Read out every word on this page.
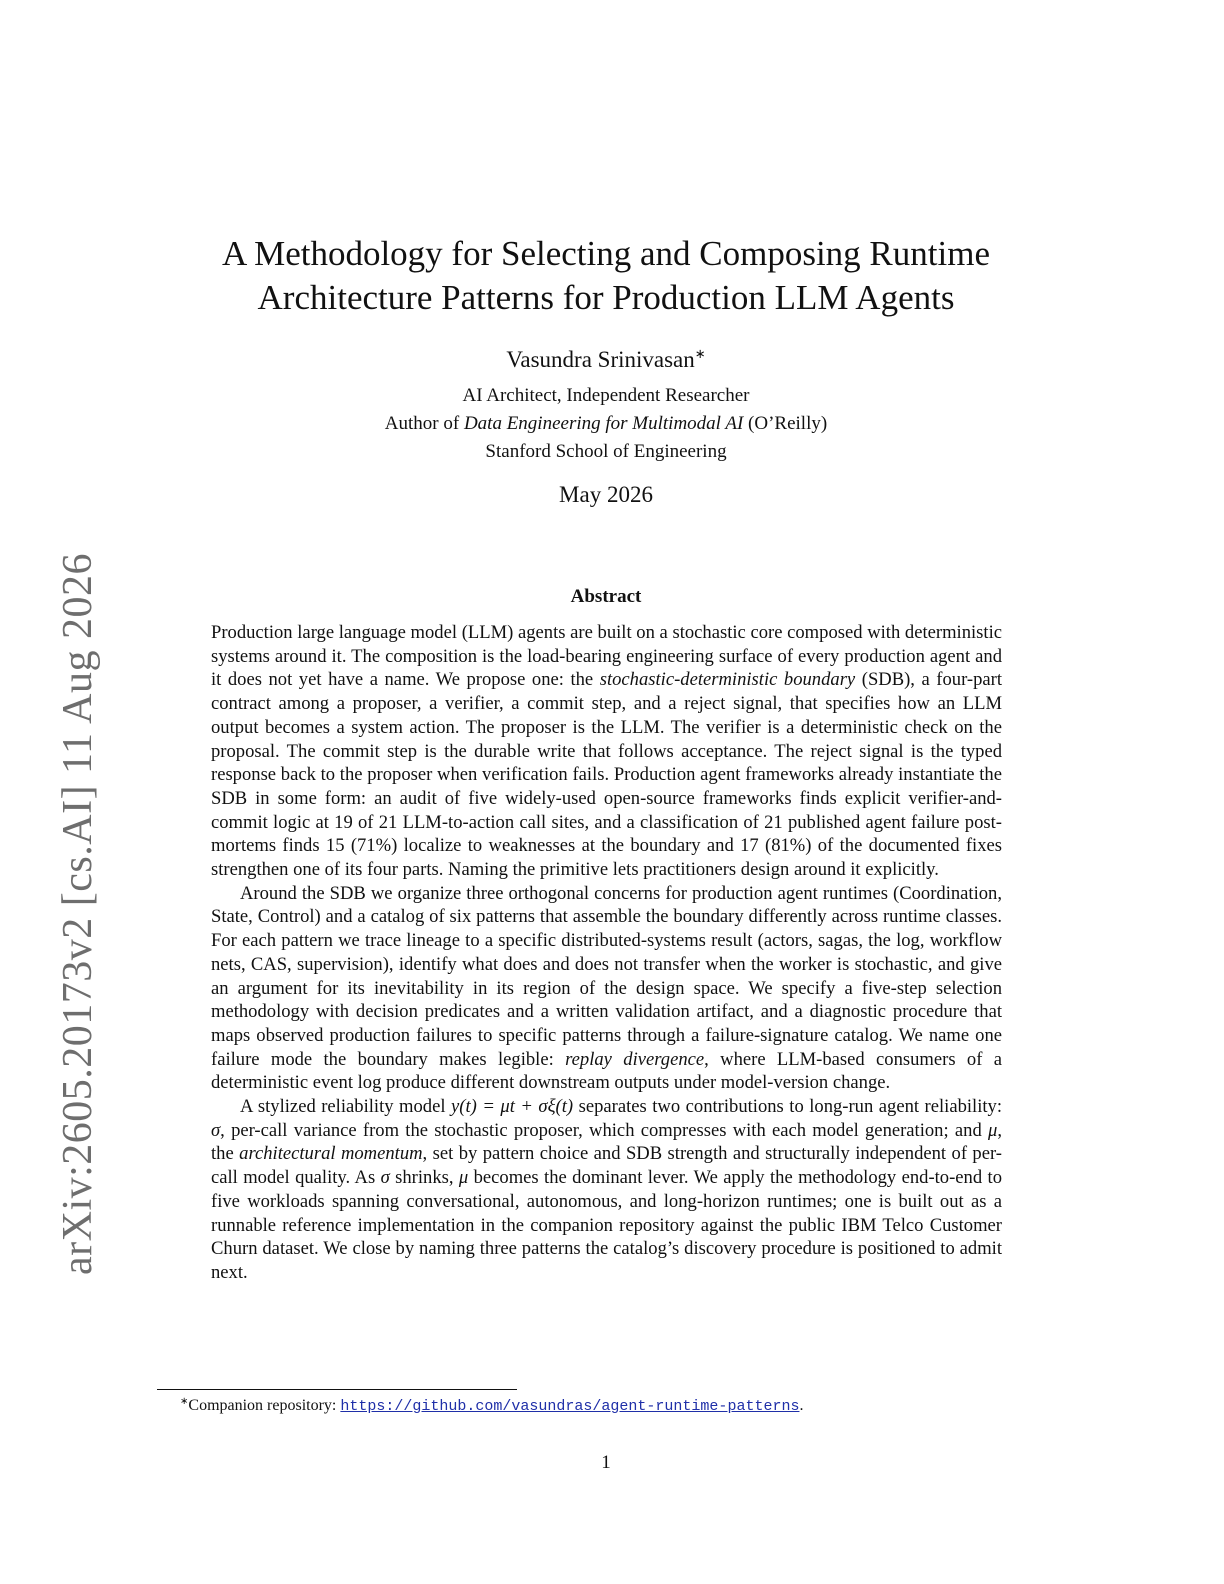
arXiv:2605.20173v2 [cs.AI] 11 Aug 2026
A Methodology for Selecting and Composing Runtime
Architecture Patterns for Production LLM Agents
Vasundra Srinivasan∗
AI Architect, Independent Researcher
Author of Data Engineering for Multimodal AI (O’Reilly)
Stanford School of Engineering
May 2026
Abstract

Production large language model (LLM) agents are built on a stochastic core composed with deterministic systems around it. The composition is the load-bearing engineering surface of every production agent and it does not yet have a name. We propose one: the stochastic-deterministic boundary (SDB), a four-part contract among a proposer, a verifier, a commit step, and a reject signal, that specifies how an LLM output becomes a system action. The proposer is the LLM. The verifier is a deterministic check on the proposal. The commit step is the durable write that follows acceptance. The reject signal is the typed response back to the proposer when verification fails. Production agent frameworks already instantiate the SDB in some form: an audit of five widely-used open-source frameworks finds explicit verifier-and-commit logic at 19 of 21 LLM-to-action call sites, and a classification of 21 published agent failure post-mortems finds 15 (71%) localize to weaknesses at the boundary and 17 (81%) of the documented fixes strengthen one of its four parts. Naming the primitive lets practitioners design around it explicitly.

Around the SDB we organize three orthogonal concerns for production agent runtimes (Coordination, State, Control) and a catalog of six patterns that assemble the boundary differently across runtime classes. For each pattern we trace lineage to a specific distributed-systems result (actors, sagas, the log, workflow nets, CAS, supervision), identify what does and does not transfer when the worker is stochastic, and give an argument for its inevitability in its region of the design space. We specify a five-step selection methodology with decision predicates and a written validation artifact, and a diagnostic procedure that maps observed production failures to specific patterns through a failure-signature catalog. We name one failure mode the boundary makes legible: replay divergence, where LLM-based consumers of a deterministic event log produce different downstream outputs under model-version change.

A stylized reliability model y(t) = μt + σξ(t) separates two contributions to long-run agent reliability: σ, per-call variance from the stochastic proposer, which compresses with each model generation; and μ, the architectural momentum, set by pattern choice and SDB strength and structurally independent of per-call model quality. As σ shrinks, μ becomes the dominant lever. We apply the methodology end-to-end to five workloads spanning conversational, autonomous, and long-horizon runtimes; one is built out as a runnable reference implementation in the companion repository against the public IBM Telco Customer Churn dataset. We close by naming three patterns the catalog’s discovery procedure is positioned to admit next.

∗Companion repository: https://github.com/vasundras/agent-runtime-patterns.
1
